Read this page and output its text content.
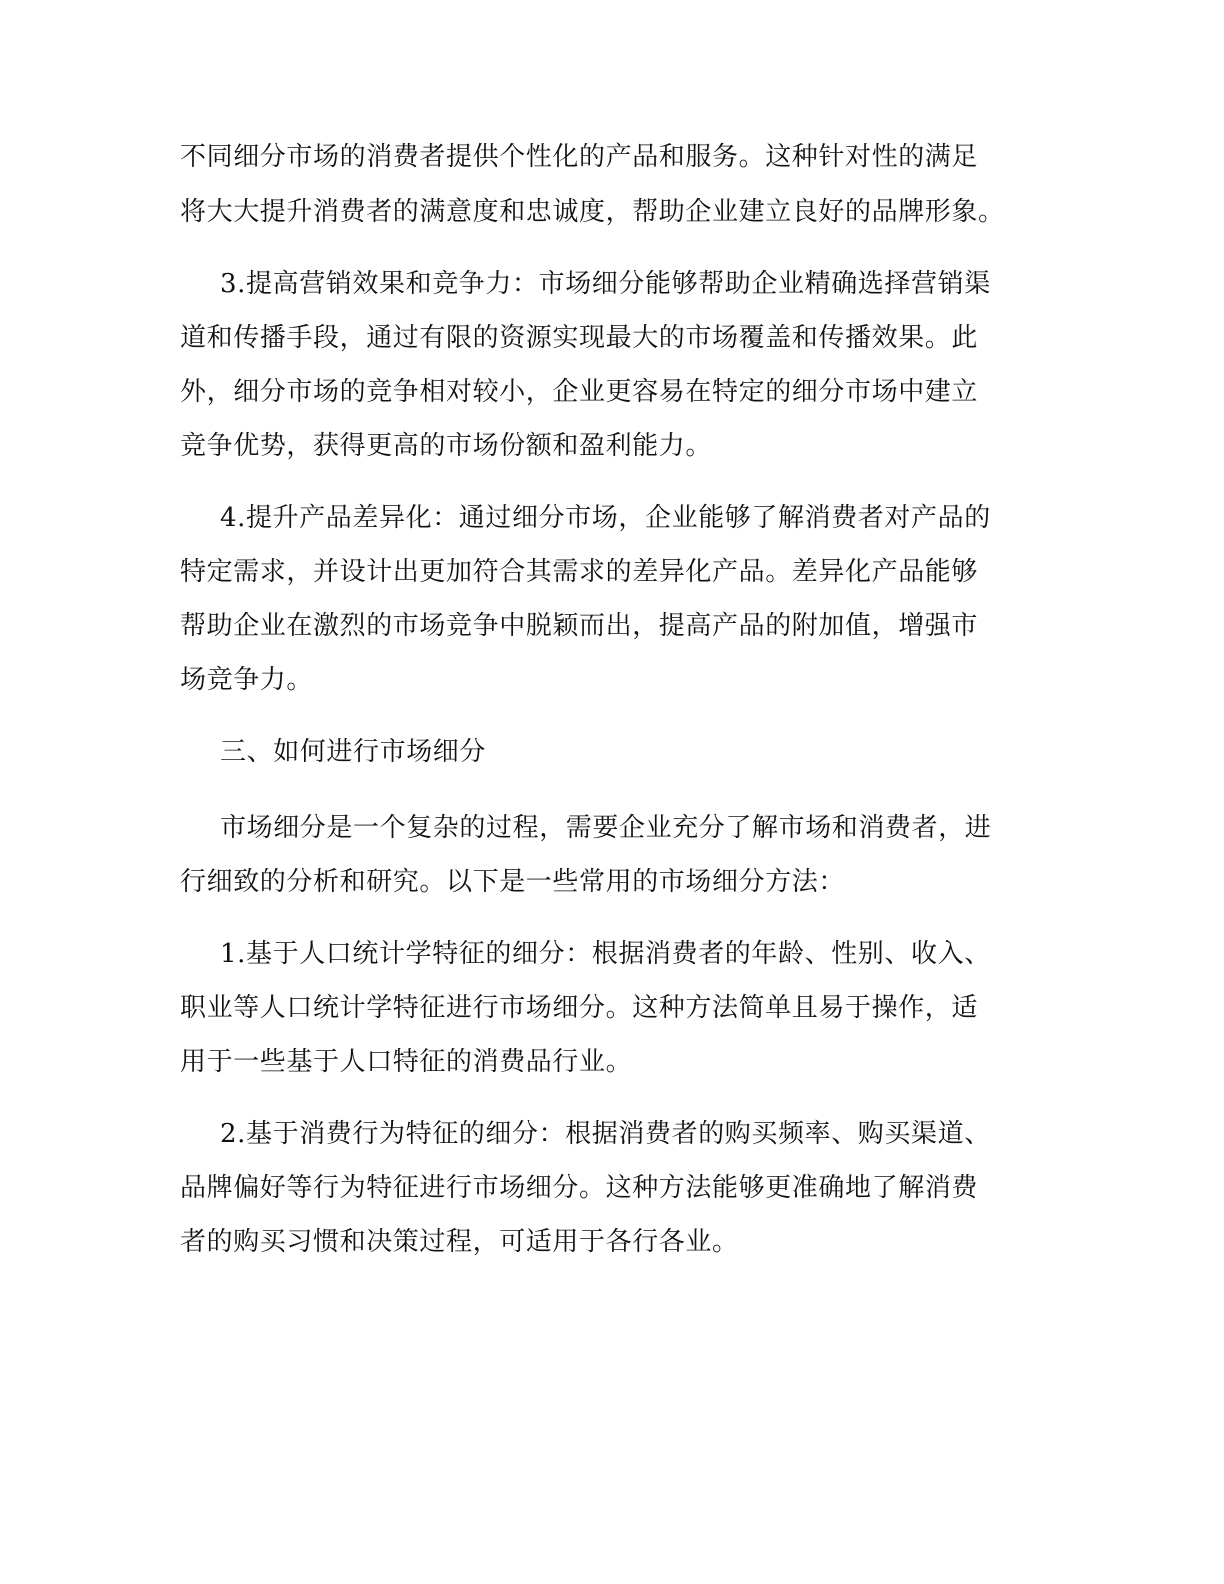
不同细分市场的消费者提供个性化的产品和服务。这种针对性的满足
将大大提升消费者的满意度和忠诚度，帮助企业建立良好的品牌形象。
3.提高营销效果和竞争力：市场细分能够帮助企业精确选择营销渠
道和传播手段，通过有限的资源实现最大的市场覆盖和传播效果。此
外，细分市场的竞争相对较小，企业更容易在特定的细分市场中建立
竞争优势，获得更高的市场份额和盈利能力。
4.提升产品差异化：通过细分市场，企业能够了解消费者对产品的
特定需求，并设计出更加符合其需求的差异化产品。差异化产品能够
帮助企业在激烈的市场竞争中脱颖而出，提高产品的附加值，增强市
场竞争力。
三、如何进行市场细分
市场细分是一个复杂的过程，需要企业充分了解市场和消费者，进
行细致的分析和研究。以下是一些常用的市场细分方法：
1.基于人口统计学特征的细分：根据消费者的年龄、性别、收入、
职业等人口统计学特征进行市场细分。这种方法简单且易于操作，适
用于一些基于人口特征的消费品行业。
2.基于消费行为特征的细分：根据消费者的购买频率、购买渠道、
品牌偏好等行为特征进行市场细分。这种方法能够更准确地了解消费
者的购买习惯和决策过程，可适用于各行各业。
